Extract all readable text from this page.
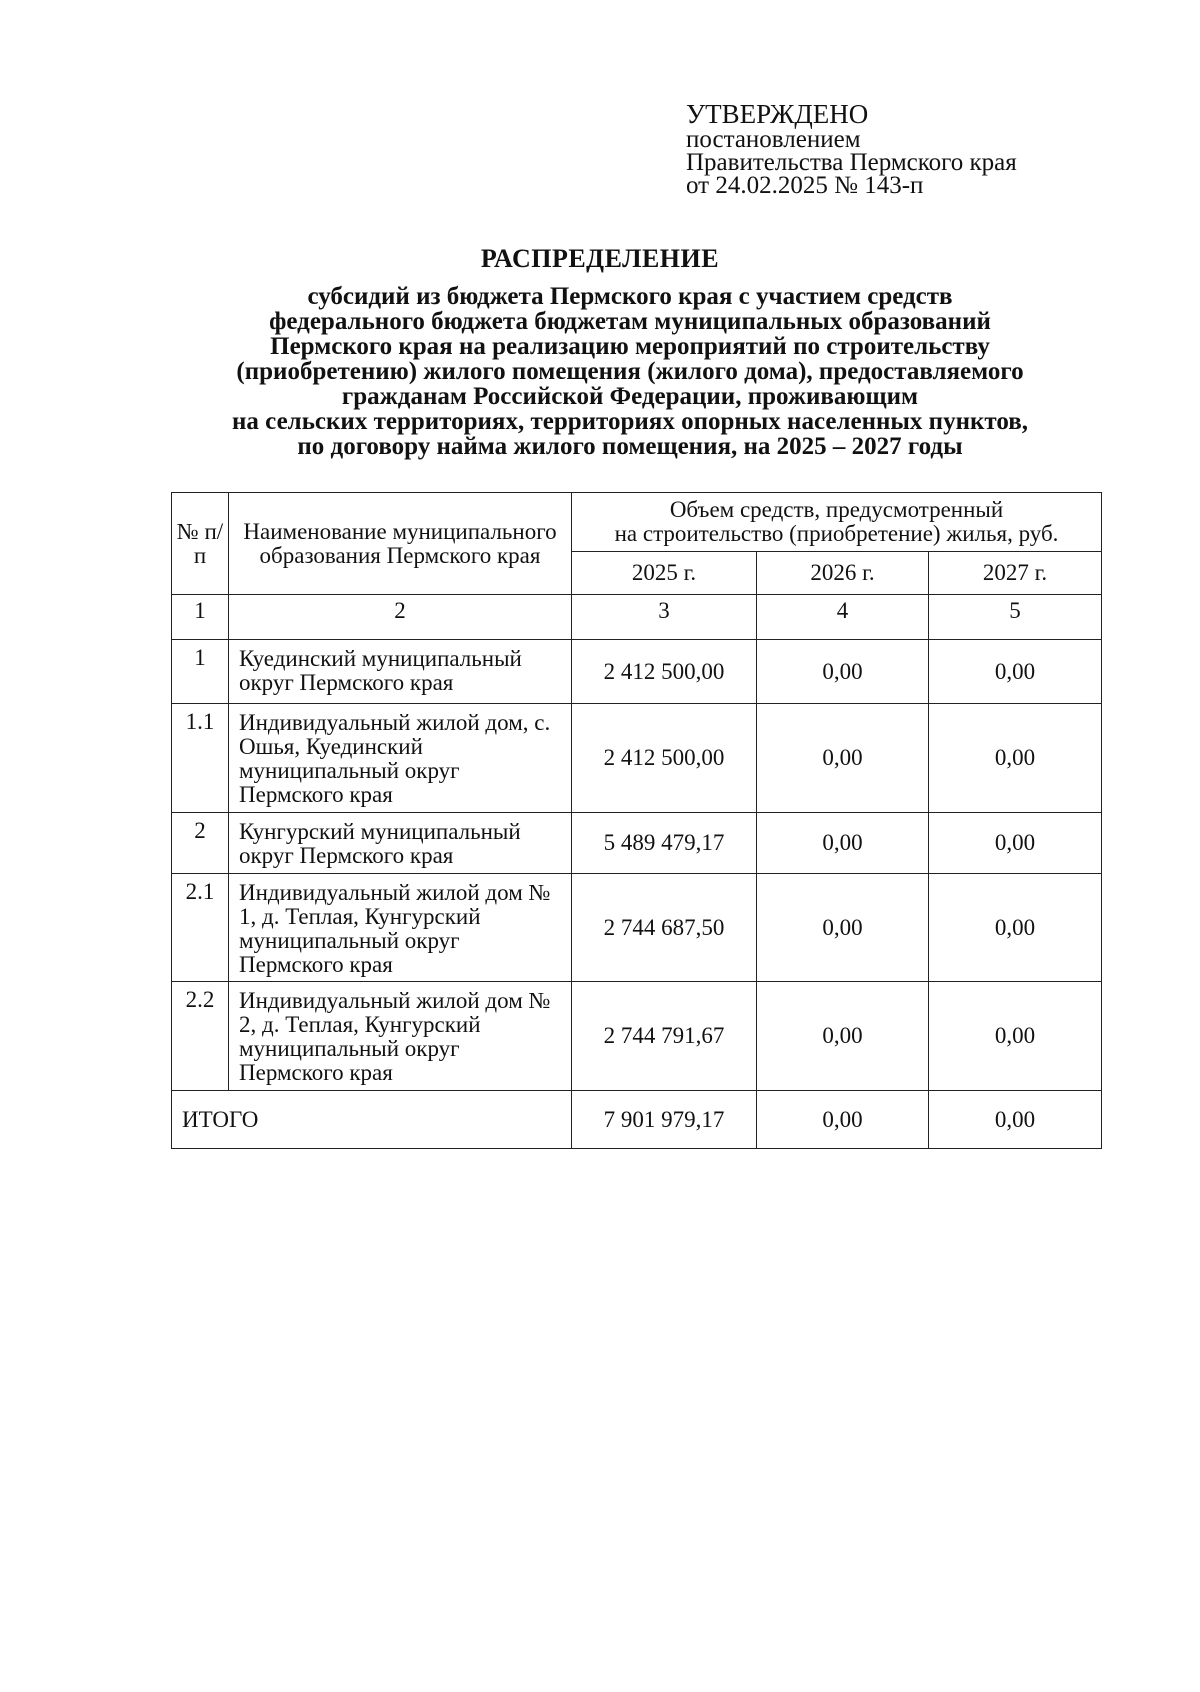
УТВЕРЖДЕНО
постановлением
Правительства Пермского края
от 24.02.2025 № 143-п
РАСПРЕДЕЛЕНИЕ
субсидий из бюджета Пермского края с участием средств
федерального бюджета бюджетам муниципальных образований
Пермского края на реализацию мероприятий по строительству
(приобретению) жилого помещения (жилого дома), предоставляемого
гражданам Российской Федерации, проживающим
на сельских территориях, территориях опорных населенных пунктов,
по договору найма жилого помещения, на 2025 – 2027 годы
№ п/п	Наименование муниципального образования Пермского края	Объем средств, предусмотренный
на строительство (приобретение) жилья, руб.		

		2025 г.	2026 г.	2027 г.
1	2	3	4	5
1	Куединский муниципальный округ Пермского края	2 412 500,00	0,00	0,00
1.1	Индивидуальный жилой дом, с. Ошья, Куединский муниципальный округ Пермского края	2 412 500,00	0,00	0,00
2	Кунгурский муниципальный округ Пермского края	5 489 479,17	0,00	0,00
2.1	Индивидуальный жилой дом № 1, д. Теплая, Кунгурский муниципальный округ Пермского края	2 744 687,50	0,00	0,00
2.2	Индивидуальный жилой дом № 2, д. Теплая, Кунгурский муниципальный округ Пермского края	2 744 791,67	0,00	0,00
ИТОГО		7 901 979,17	0,00	0,00
